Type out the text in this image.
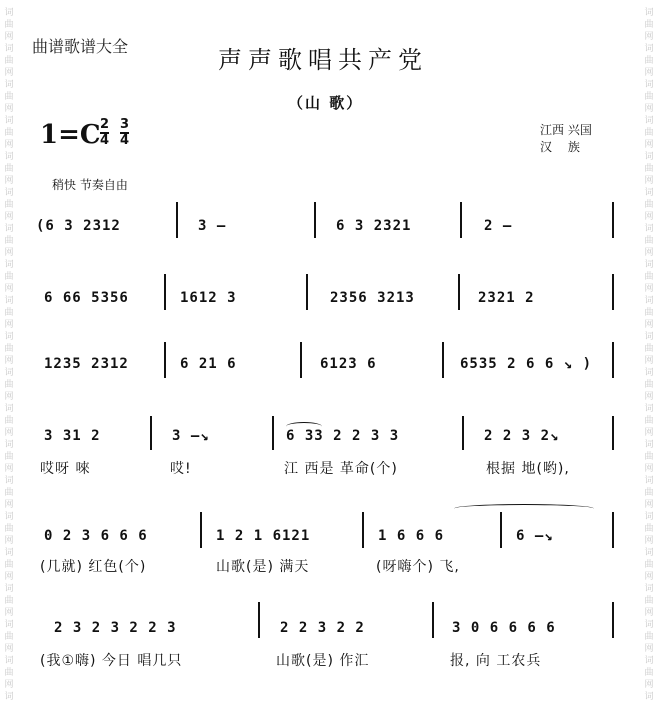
词
曲
网
词
曲
网
词
曲
网
词
曲
网
词
曲
网
词
曲
网
词
曲
网
词
曲
网
词
曲
网
词
曲
网
词
曲
网
词
曲
网
词
曲
网
词
曲
网
词
曲
网
词
曲
网
词
曲
网
词
曲
网
词
曲
网
词
词
曲
网
词
曲
网
词
曲
网
词
曲
网
词
曲
网
词
曲
网
词
曲
网
词
曲
网
词
曲
网
词
曲
网
词
曲
网
词
曲
网
词
曲
网
词
曲
网
词
曲
网
词
曲
网
词
曲
网
词
曲
网
词
曲
网
词
曲谱歌谱大全	声声歌唱共产党
（山 歌）
$1=C \frac{2}{4} \frac{3}{4}$	江西 兴国
汉　 族
稍快 节奏自由
(6 3 2312	3 –	6 3 2321	2 –
6 66 5356	1612 3	2356 3213	2321 2
1235 2312	6 21 6	6123 6	6535 2 6 6 ↘ )
3 31 2	3 –↘	6 33 2 2 3 3	2 2 3 2↘
哎呀 唻	哎!	江 西是 革命(个)	根据 地(哟),
0 2 3 6 6 6	1 2 1 6121	1 6 6 6	6 –↘
(几就) 红色(个)	山歌(是) 满天	(呀嗨个) 飞,
2 3 2 3 2 2 3	2 2 3 2 2	3 0 6 6 6 6
(我①嗨) 今日 唱几只	山歌(是) 作汇	报, 向 工农兵
